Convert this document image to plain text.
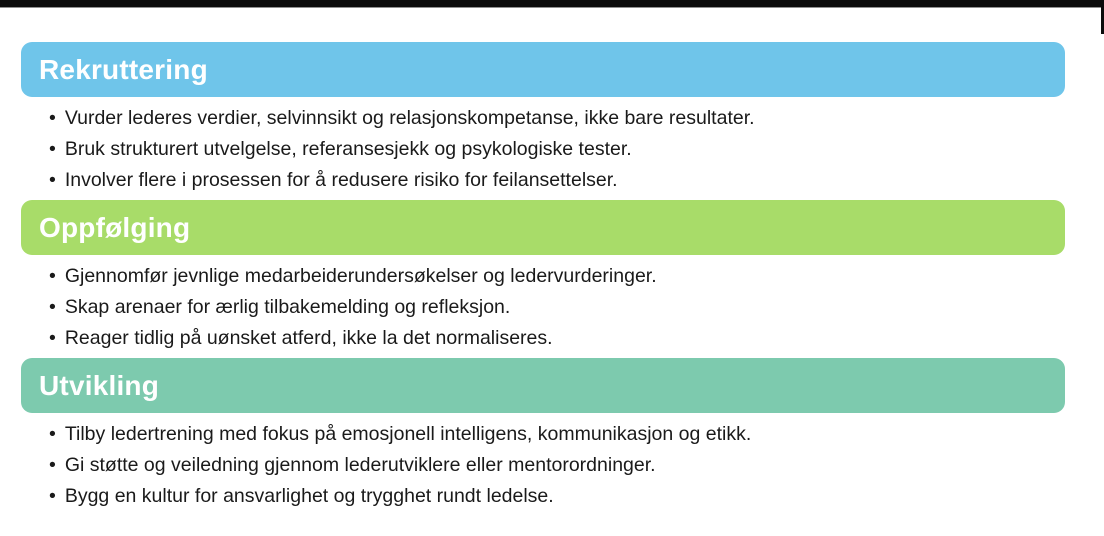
Rekruttering
• Vurder lederes verdier, selvinnsikt og relasjonskompetanse, ikke bare resultater.
• Bruk strukturert utvelgelse, referansesjekk og psykologiske tester.
• Involver flere i prosessen for å redusere risiko for feilansettelser.
Oppfølging
• Gjennomfør jevnlige medarbeiderundersøkelser og ledervurderinger.
• Skap arenaer for ærlig tilbakemelding og refleksjon.
• Reager tidlig på uønsket atferd, ikke la det normaliseres.
Utvikling
• Tilby ledertrening med fokus på emosjonell intelligens, kommunikasjon og etikk.
• Gi støtte og veiledning gjennom lederutviklere eller mentorordninger.
• Bygg en kultur for ansvarlighet og trygghet rundt ledelse.
